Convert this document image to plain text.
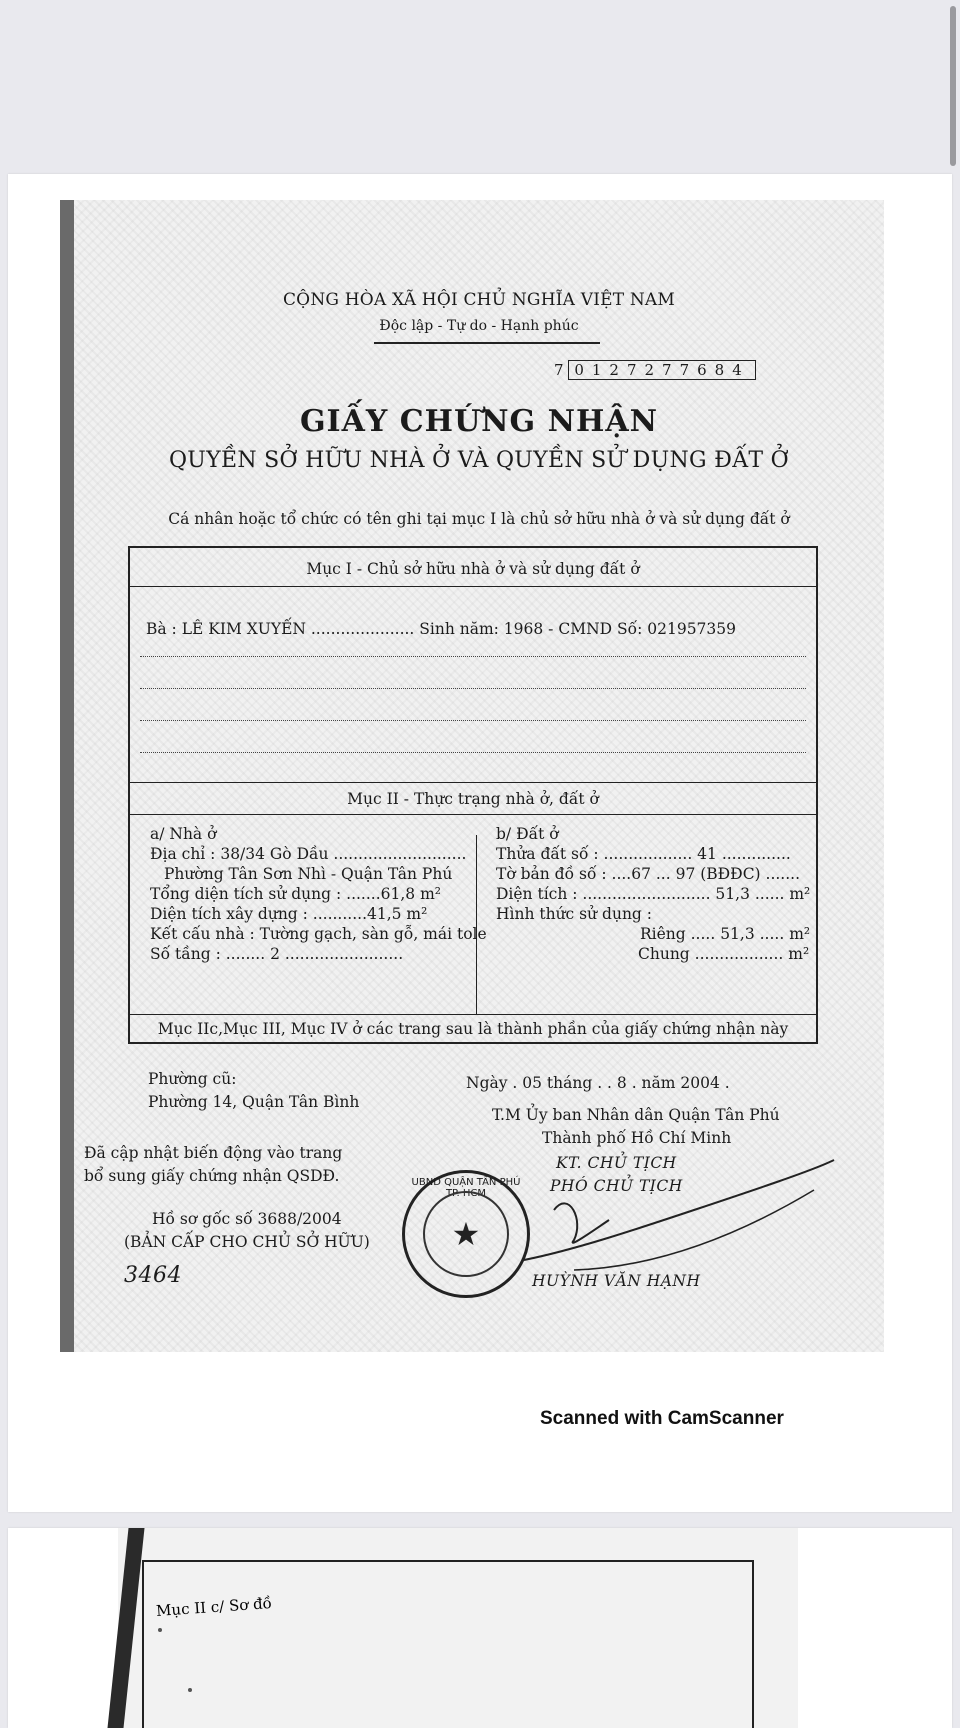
CỘNG HÒA XÃ HỘI CHỦ NGHĨA VIỆT NAM
Độc lập - Tự do - Hạnh phúc
7 0127277684
GIẤY CHỨNG NHẬN
QUYỀN SỞ HỮU NHÀ Ở VÀ QUYỀN SỬ DỤNG ĐẤT Ở
Cá nhân hoặc tổ chức có tên ghi tại mục I là chủ sở hữu nhà ở và sử dụng đất ở
Mục I - Chủ sở hữu nhà ở và sử dụng đất ở
Bà : LÊ KIM XUYẾN ..................... Sinh năm: 1968 - CMND Số: 021957359
Mục II - Thực trạng nhà ở, đất ở
a/ Nhà ở
Địa chỉ : 38/34 Gò Dầu ...........................
Phường Tân Sơn Nhì - Quận Tân Phú
Tổng diện tích sử dụng : .......61,8 m²
Diện tích xây dựng : ...........41,5 m²
Kết cấu nhà : Tường gạch, sàn gỗ, mái tole
Số tầng : ........ 2 ........................
b/ Đất ở
Thửa đất số : .................. 41 ..............
Tờ bản đồ số : ....67 ... 97 (BĐĐC) .......
Diện tích : .......................... 51,3 ...... m²
Hình thức sử dụng :
Riêng ..... 51,3 ..... m²
Chung .................. m²
Mục IIc,Mục III, Mục IV ở các trang sau là thành phần của giấy chứng nhận này
Phường cũ:
Phường 14, Quận Tân Bình
Ngày . 05 tháng . . 8 . năm 2004 .
T.M Ủy ban Nhân dân Quận Tân Phú
Thành phố Hồ Chí Minh
KT. CHỦ TỊCH
PHÓ CHỦ TỊCH
HUỲNH VĂN HẠNH
Đã cập nhật biến động vào trang
bổ sung giấy chứng nhận QSDĐ.
Hồ sơ gốc số 3688/2004
(BẢN CẤP CHO CHỦ SỞ HỮU)
3464
UBND QUẬN TÂN PHÚ TP. HCM
★
Scanned with CamScanner
Mục II c/ Sơ đồ
